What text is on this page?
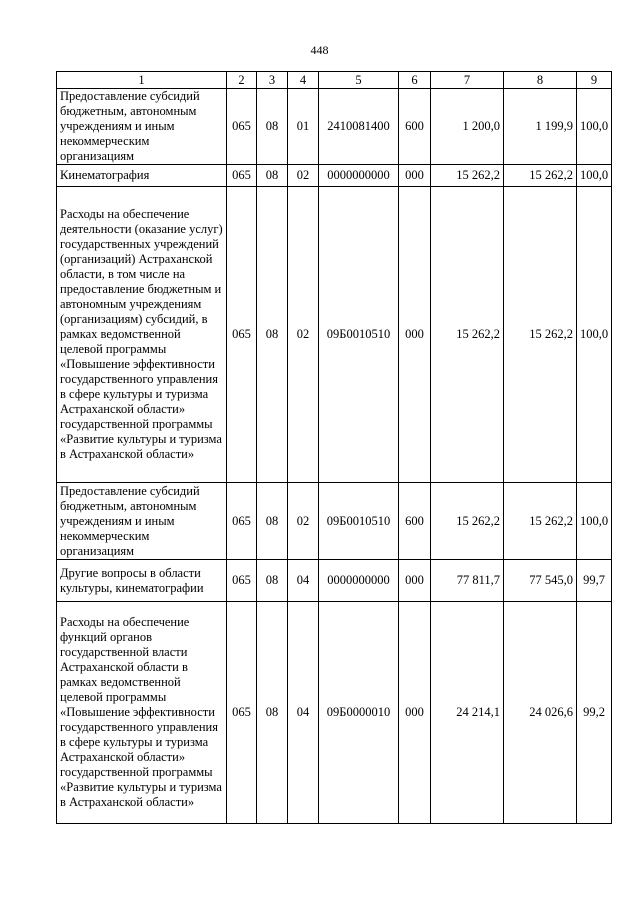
448
1	2	3	4	5	6	7	8	9
Предоставление субсидий бюджетным, автономным учреждениям и иным некоммерческим организациям	065	08	01	2410081400	600	1 200,0	1 199,9	100,0
Кинематография	065	08	02	0000000000	000	15 262,2	15 262,2	100,0
Расходы на обеспечение деятельности (оказание услуг) государственных учреждений (организаций) Астраханской области, в том числе на предоставление бюджетным и автономным учреждениям (организациям) субсидий, в рамках ведомственной целевой программы «Повышение эффективности государственного управления в сфере культуры и туризма Астраханской области» государственной программы «Развитие культуры и туризма в Астраханской области»	065	08	02	09Б0010510	000	15 262,2	15 262,2	100,0
Предоставление субсидий бюджетным, автономным учреждениям и иным некоммерческим организациям	065	08	02	09Б0010510	600	15 262,2	15 262,2	100,0
Другие вопросы в области культуры, кинематографии	065	08	04	0000000000	000	77 811,7	77 545,0	99,7
Расходы на обеспечение функций органов государственной власти Астраханской области в рамках ведомственной целевой программы «Повышение эффективности государственного управления в сфере культуры и туризма Астраханской области» государственной программы «Развитие культуры и туризма в Астраханской области»	065	08	04	09Б0000010	000	24 214,1	24 026,6	99,2
